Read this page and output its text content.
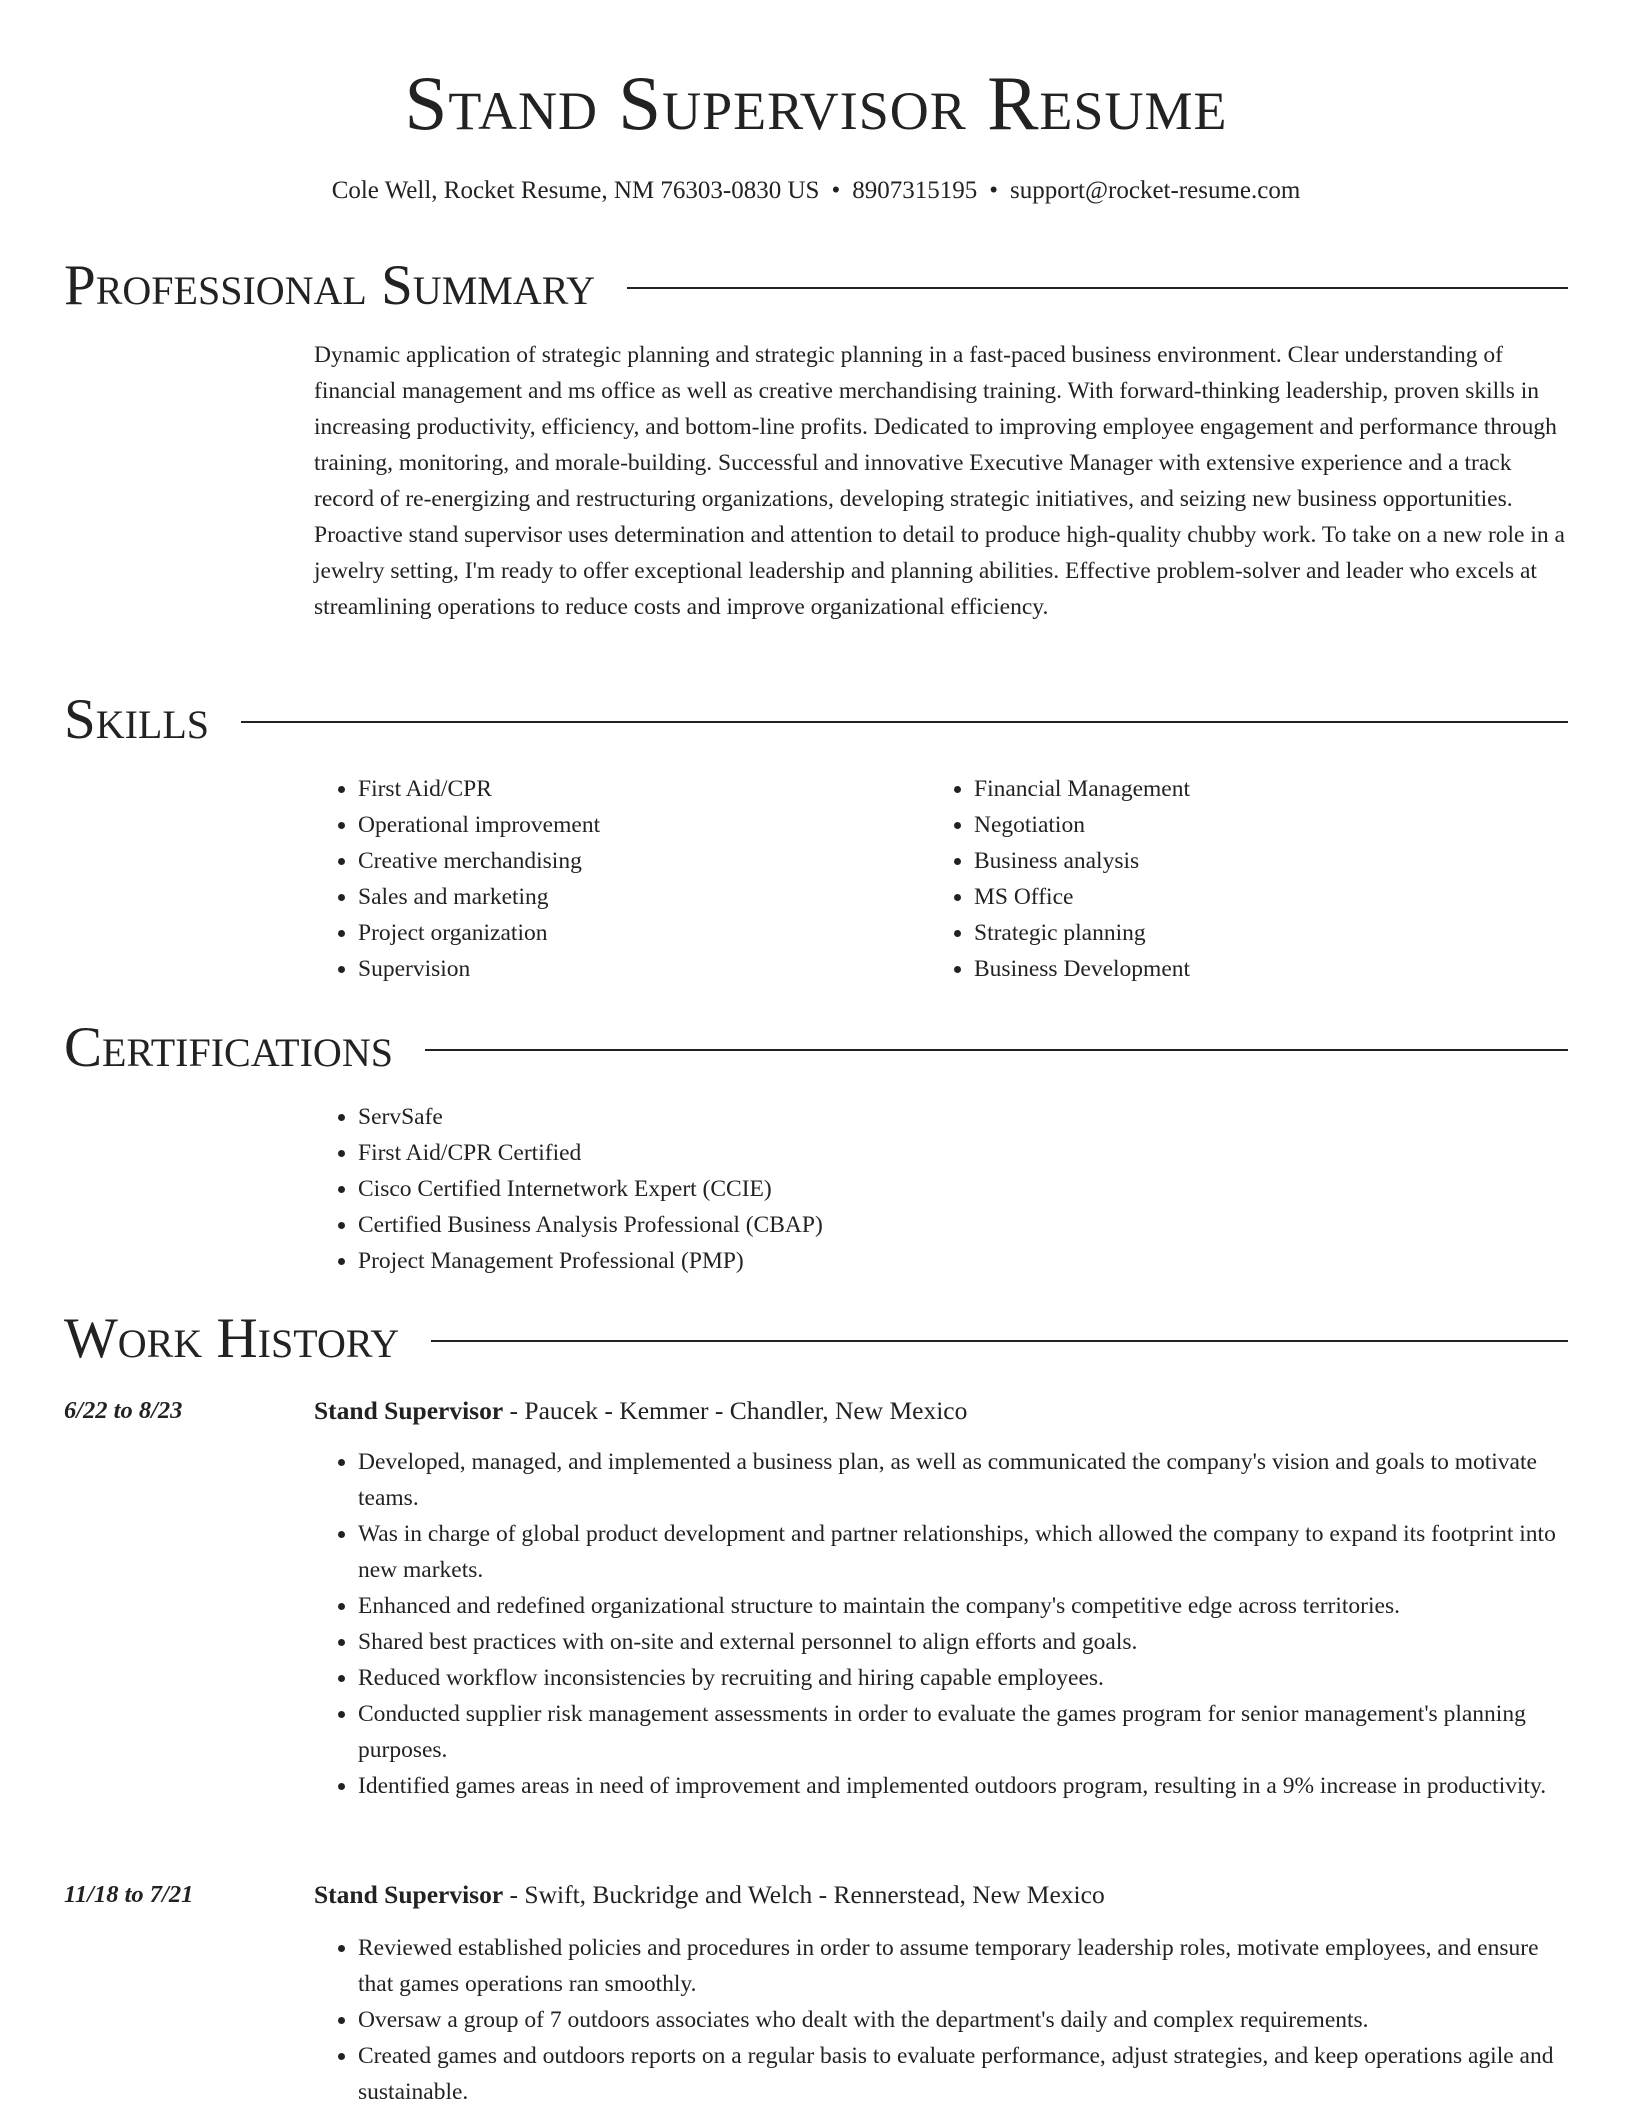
Stand Supervisor Resume
Cole Well, Rocket Resume, NM 76303-0830 US • 8907315195 • support@rocket-resume.com
Professional Summary

Dynamic application of strategic planning and strategic planning in a fast-paced business environment. Clear understanding of financial management and ms office as well as creative merchandising training. With forward-thinking leadership, proven skills in increasing productivity, efficiency, and bottom-line profits. Dedicated to improving employee engagement and performance through training, monitoring, and morale-building. Successful and innovative Executive Manager with extensive experience and a track record of re-energizing and restructuring organizations, developing strategic initiatives, and seizing new business opportunities. Proactive stand supervisor uses determination and attention to detail to produce high-quality chubby work. To take on a new role in a jewelry setting, I'm ready to offer exceptional leadership and planning abilities. Effective problem-solver and leader who excels at streamlining operations to reduce costs and improve organizational efficiency.

Skills
• First Aid/CPR
• Operational improvement
• Creative merchandising
• Sales and marketing
• Project organization
• Supervision
• Financial Management
• Negotiation
• Business analysis
• MS Office
• Strategic planning
• Business Development
Certifications
• ServSafe
• First Aid/CPR Certified
• Cisco Certified Internetwork Expert (CCIE)
• Certified Business Analysis Professional (CBAP)
• Project Management Professional (PMP)
Work History
6/22 to 8/23	Stand Supervisor - Paucek - Kemmer - Chandler, New Mexico
• Developed, managed, and implemented a business plan, as well as communicated the company's vision and goals to motivate teams.
• Was in charge of global product development and partner relationships, which allowed the company to expand its footprint into new markets.
• Enhanced and redefined organizational structure to maintain the company's competitive edge across territories.
• Shared best practices with on-site and external personnel to align efforts and goals.
• Reduced workflow inconsistencies by recruiting and hiring capable employees.
• Conducted supplier risk management assessments in order to evaluate the games program for senior management's planning purposes.
• Identified games areas in need of improvement and implemented outdoors program, resulting in a 9% increase in productivity.
11/18 to 7/21	Stand Supervisor - Swift, Buckridge and Welch - Rennerstead, New Mexico
• Reviewed established policies and procedures in order to assume temporary leadership roles, motivate employees, and ensure that games operations ran smoothly.
• Oversaw a group of 7 outdoors associates who dealt with the department's daily and complex requirements.
• Created games and outdoors reports on a regular basis to evaluate performance, adjust strategies, and keep operations agile and sustainable.
